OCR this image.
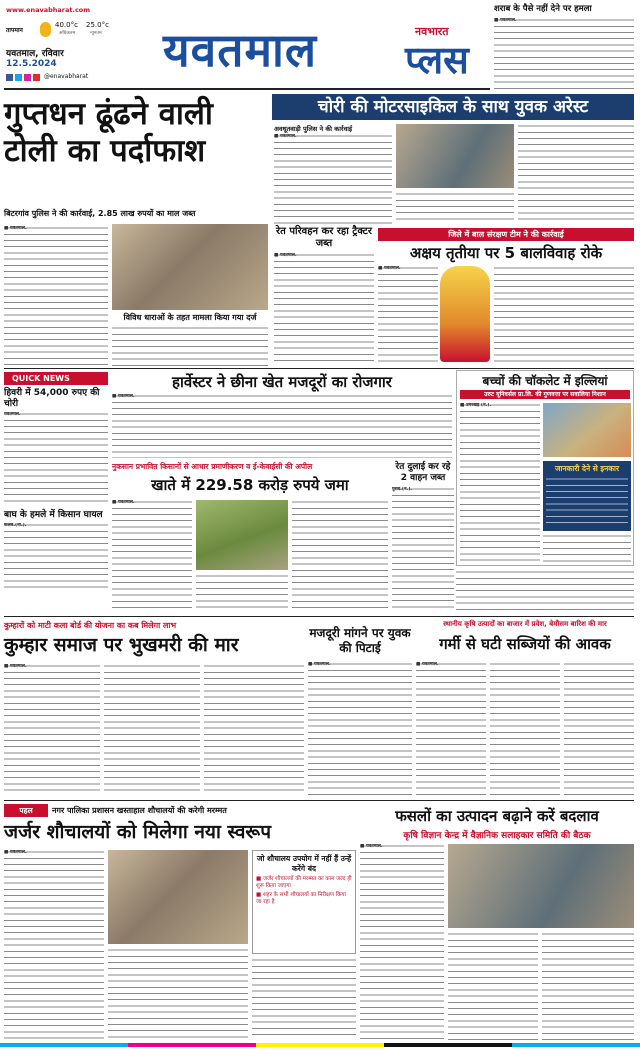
www.enavabharat.com
तापमान
40.0°c
अधिकतम
25.0°c
न्यूनतम
यवतमाल, रविवार
12.5.2024
@enavabharat यवतमाल	नवभारत
प्लस
शराब के पैसे नहीं देने पर हमला
■ यवतमाल.
गुप्तधन ढूंढने वाली टोली का पर्दाफाश
बिटरगांव पुलिस ने की कार्रवाई, 2.85 लाख रुपयों का माल जब्त
■ यवतमाल.
विविध धाराओं के तहत मामला किया गया दर्ज
चोरी की मोटरसाइकिल के साथ युवक अरेस्ट
अवधूतवाड़ी पुलिस ने की कार्रवाई
■ यवतमाल.
रेत परिवहन कर रहा ट्रैक्टर जब्त
■ यवतमाल.
जिले में बाल संरक्षण टीम ने की कार्रवाई
अक्षय तृतीया पर 5 बालविवाह रोके
■ यवतमाल.
QUICK NEWS
हिवरी में 54,000 रुपए की चोरी
यवतमाल.
बाघ के हमले में किसान घायल
कलंब.(ना.).
हार्वेस्टर ने छीना खेत मजदूरों का रोजगार
■ यवतमाल.
बच्चों की चॉकलेट में इल्लियां
उरुट यूनिवर्सल प्रा.लि. की गुणवत्ता पर सवालिया निशान
■ उमरखेड़ (न.).
जानकारी देने से इनकार
नुकसान प्रभावित किसानों से आधार प्रमाणीकरण व ई-केवाईसी की अपील
खाते में 229.58 करोड़ रुपये जमा
■ यवतमाल.
रेत दुलाई कर रहे 2 वाहन जब्त
पुसद.(न.).
कुम्हारों को माटी कला बोर्ड की योजना का कब मिलेगा लाभ
कुम्हार समाज पर भुखमरी की मार
■ यवतमाल.
मजदूरी मांगने पर युवक की पिटाई
■ यवतमाल.
स्थानीय कृषि उत्पादों का बाजार में प्रवेश, बेमौसम बारिश की मार
गर्मी से घटी सब्जियों की आवक
■ यवतमाल.
पहल	नगर पालिका प्रशासन खस्ताहाल शौचालयों की करेगी मरम्मत
जर्जर शौचालयों को मिलेगा नया स्वरूप
■ यवतमाल.
जो शौचालय उपयोग में नहीं हैं उन्हें करेंगे बंद
■ जर्जर शौचालयों की मरम्मत का काम जल्द ही शुरू किया जाएगा
■ शहर के सभी शौचालयों का निरीक्षण किया जा रहा है
फसलों का उत्पादन बढ़ाने करें बदलाव
कृषि विज्ञान केन्द्र में वैज्ञानिक सलाहकार समिति की बैठक
■ यवतमाल.
